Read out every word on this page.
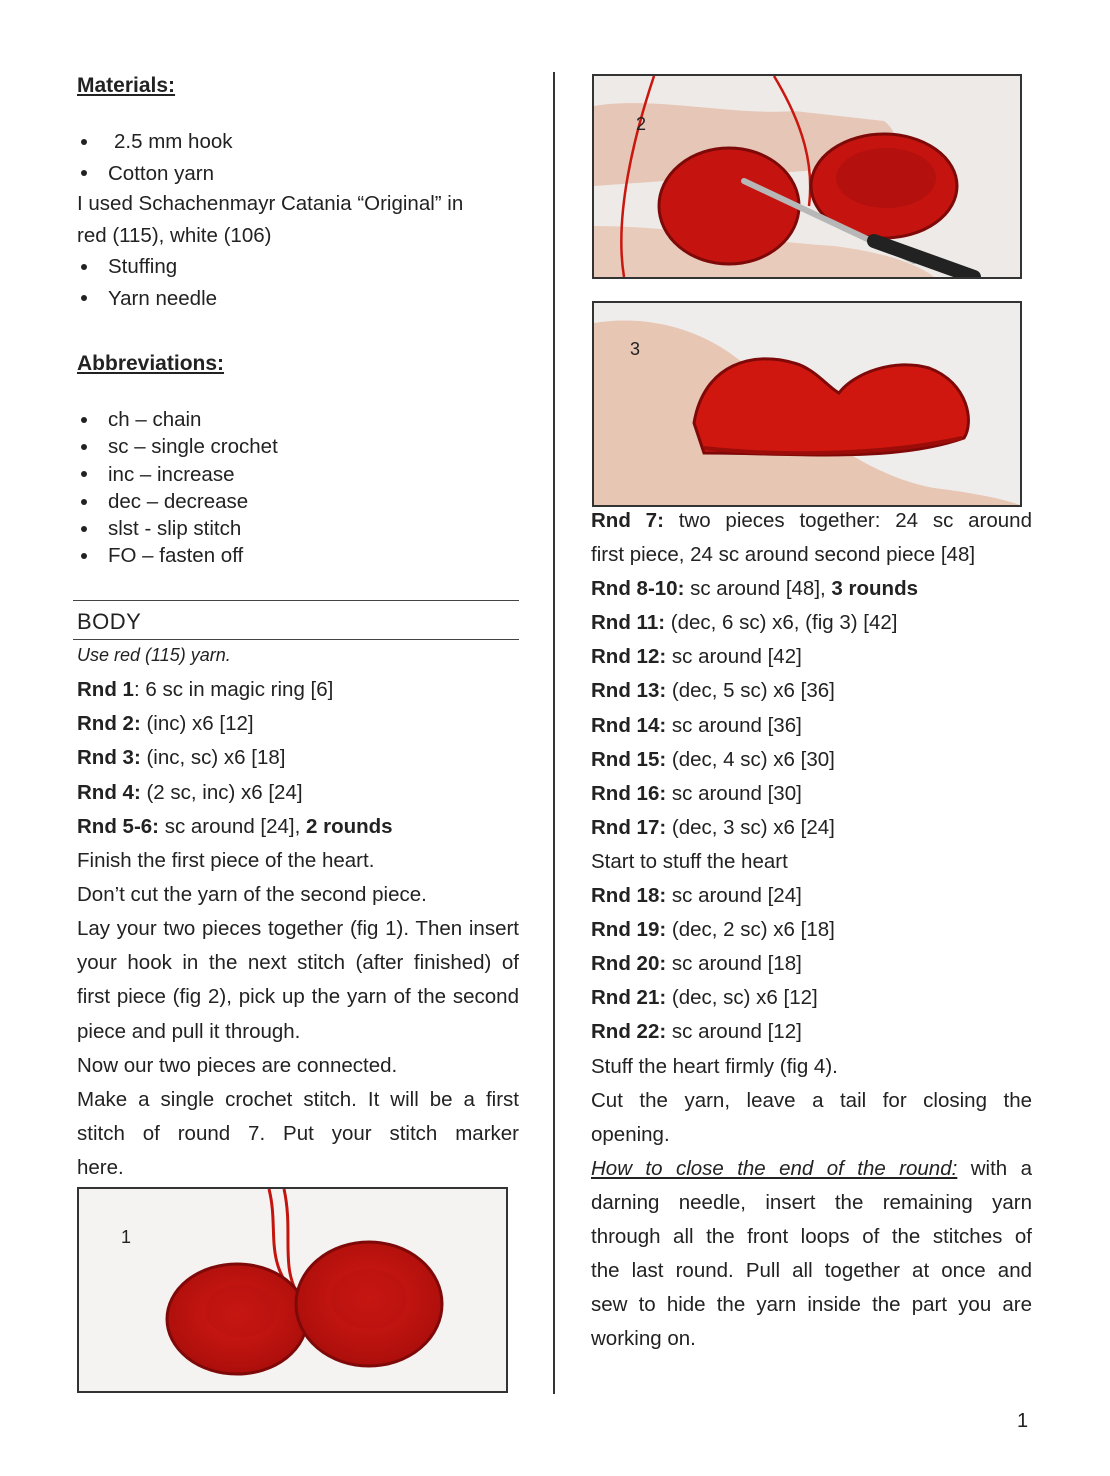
Materials:
2.5 mm hook
Cotton yarn
I used Schachenmayr Catania “Original” in
red (115), white (106)
Stuffing
Yarn needle
Abbreviations:
ch – chain
sc – single crochet
inc – increase
dec – decrease
slst - slip stitch
FO – fasten off
BODY
Use red (115) yarn.
Rnd 1: 6 sc in magic ring [6]
Rnd 2: (inc) x6 [12]
Rnd 3: (inc, sc) x6 [18]
Rnd 4: (2 sc, inc) x6 [24]
Rnd 5-6: sc around [24], 2 rounds
Finish the first piece of the heart.
Don’t cut the yarn of the second piece.
Lay your two pieces together (fig 1). Then insert your hook in the next stitch (after finished) of first piece (fig 2), pick up the yarn of the second piece and pull it through.
Now our two pieces are connected.
Make a single crochet stitch. It will be a first stitch of round 7. Put your stitch marker
here.
1
2
3
Rnd 7: two pieces together: 24 sc around
first piece, 24 sc around second piece [48]
Rnd 8-10: sc around [48], 3 rounds
Rnd 11: (dec, 6 sc) x6, (fig 3) [42]
Rnd 12: sc around [42]
Rnd 13: (dec, 5 sc) x6 [36]
Rnd 14: sc around [36]
Rnd 15: (dec, 4 sc) x6 [30]
Rnd 16: sc around [30]
Rnd 17: (dec, 3 sc) x6 [24]
Start to stuff the heart
Rnd 18: sc around [24]
Rnd 19: (dec, 2 sc) x6 [18]
Rnd 20: sc around [18]
Rnd 21: (dec, sc) x6 [12]
Rnd 22: sc around [12]
Stuff the heart firmly (fig 4).
Cut the yarn, leave a tail for closing the
opening.
How to close the end of the round: with a
darning needle, insert the remaining yarn
through all the front loops of the stitches of
the last round. Pull all together at once and
sew to hide the yarn inside the part you are
working on.
1
